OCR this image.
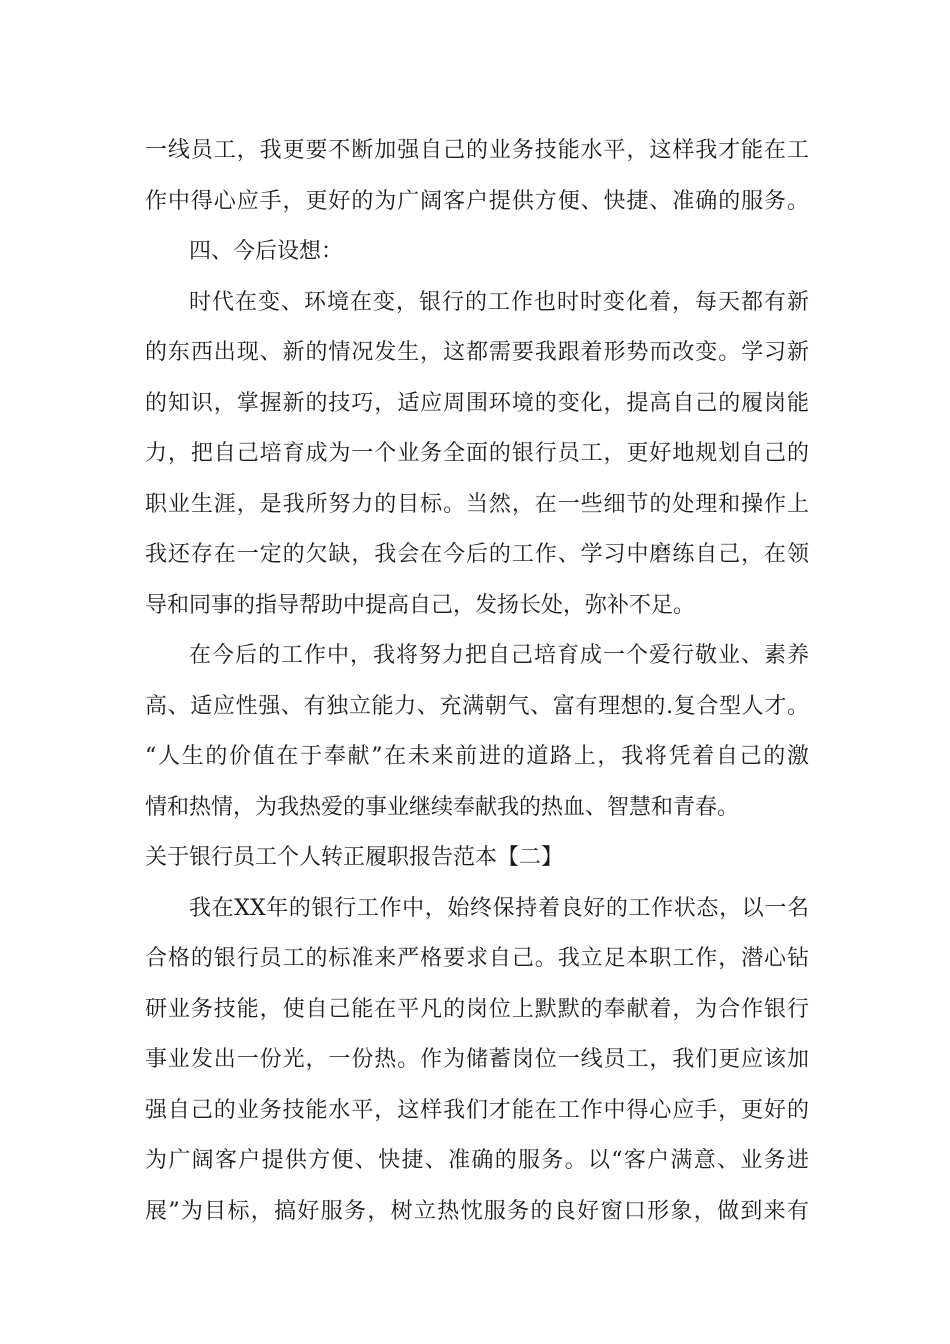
一线员工，我更要不断加强自己的业务技能水平，这样我才能在工
作中得心应手，更好的为广阔客户提供方便、快捷、准确的服务。
四、今后设想：
时代在变、环境在变，银行的工作也时时变化着，每天都有新
的东西出现、新的情况发生，这都需要我跟着形势而改变。学习新
的知识，掌握新的技巧，适应周围环境的变化，提高自己的履岗能
力，把自己培育成为一个业务全面的银行员工，更好地规划自己的
职业生涯，是我所努力的目标。当然，在一些细节的处理和操作上
我还存在一定的欠缺，我会在今后的工作、学习中磨练自己，在领
导和同事的指导帮助中提高自己，发扬长处，弥补不足。
在今后的工作中，我将努力把自己培育成一个爱行敬业、素养
高、适应性强、有独立能力、充满朝气、富有理想的.复合型人才。
“人生的价值在于奉献”在未来前进的道路上，我将凭着自己的激
情和热情，为我热爱的事业继续奉献我的热血、智慧和青春。
关于银行员工个人转正履职报告范本【二】
我在XX年的银行工作中，始终保持着良好的工作状态，以一名
合格的银行员工的标准来严格要求自己。我立足本职工作，潜心钻
研业务技能，使自己能在平凡的岗位上默默的奉献着，为合作银行
事业发出一份光，一份热。作为储蓄岗位一线员工，我们更应该加
强自己的业务技能水平，这样我们才能在工作中得心应手，更好的
为广阔客户提供方便、快捷、准确的服务。以“客户满意、业务进
展”为目标，搞好服务，树立热忱服务的良好窗口形象，做到来有
